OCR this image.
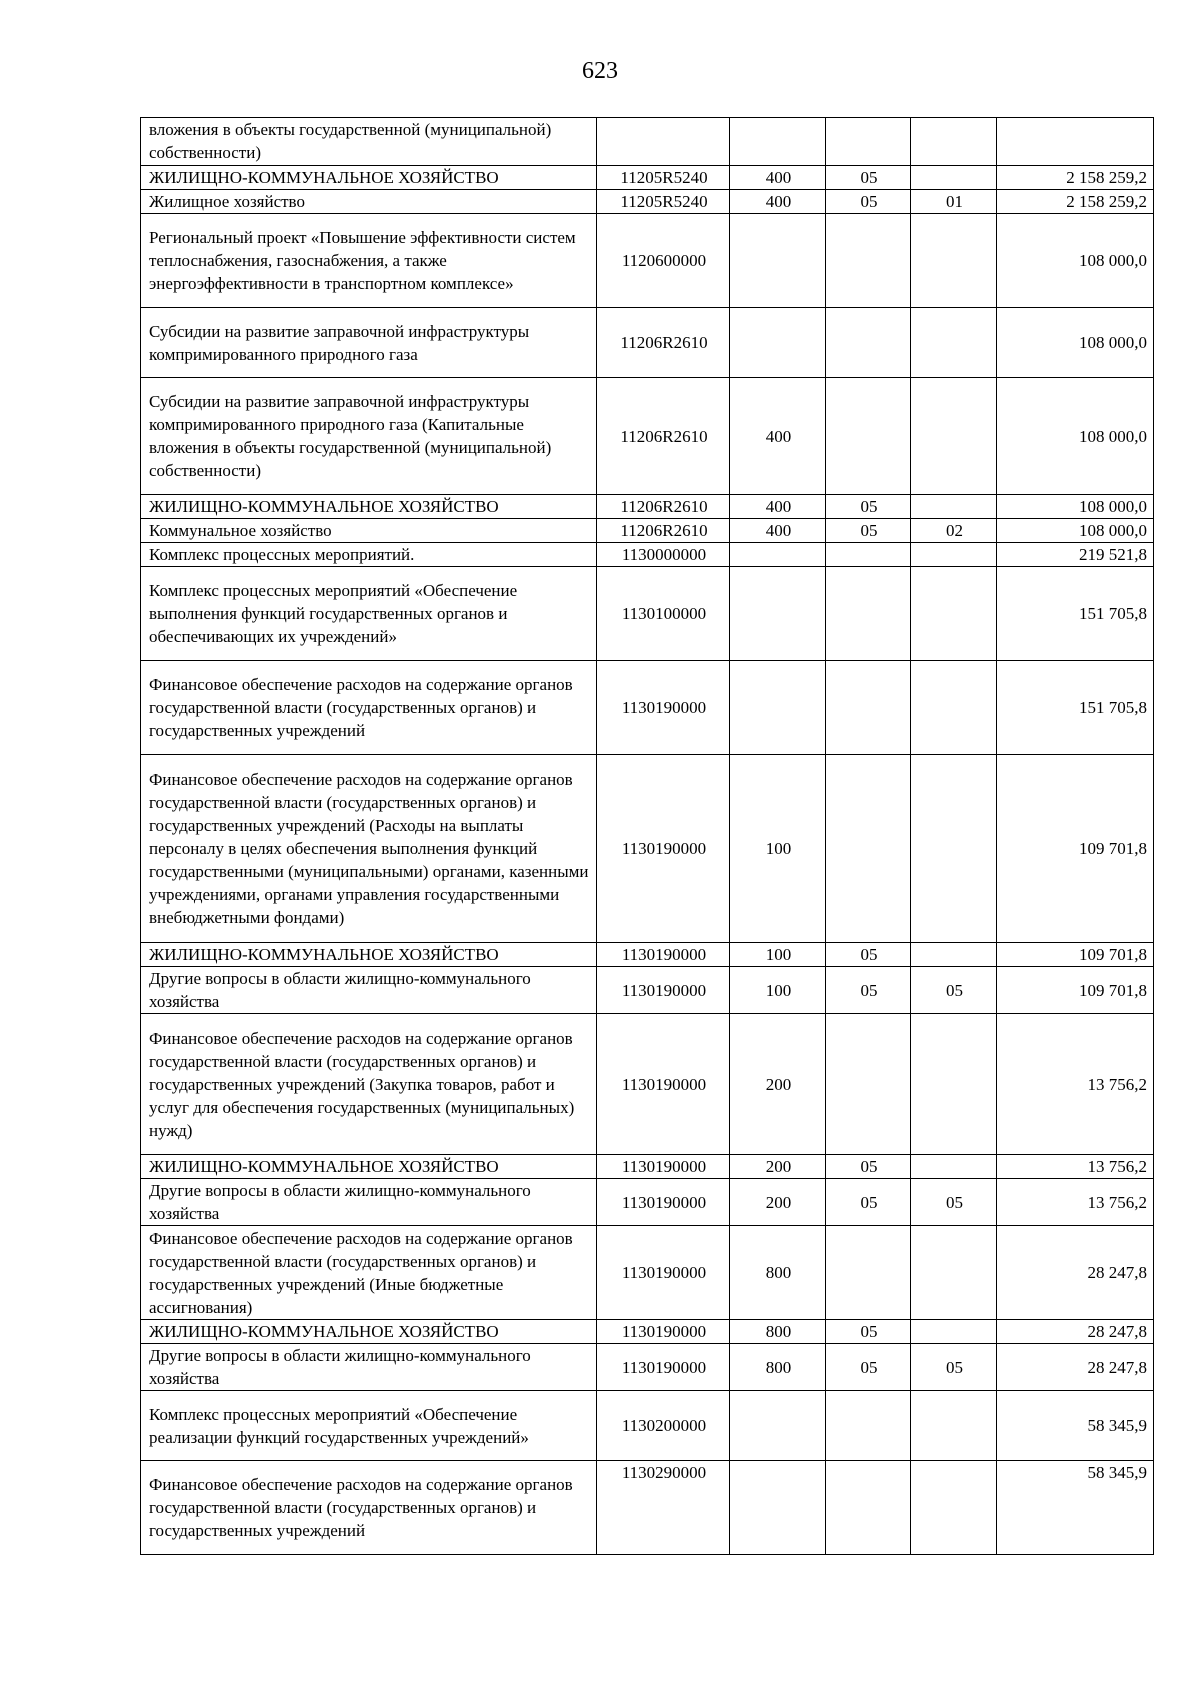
623
вложения в объекты государственной (муниципальной) собственности)					
ЖИЛИЩНО-КОММУНАЛЬНОЕ ХОЗЯЙСТВО	11205R5240	400	05		2 158 259,2
Жилищное хозяйство	11205R5240	400	05	01	2 158 259,2
Региональный проект «Повышение эффективности систем теплоснабжения, газоснабжения, а также энергоэффективности в транспортном комплексе»	1120600000				108 000,0
Субсидии на развитие заправочной инфраструктуры компримированного природного газа	11206R2610				108 000,0
Субсидии на развитие заправочной инфраструктуры компримированного природного газа (Капитальные вложения в объекты государственной (муниципальной) собственности)	11206R2610	400			108 000,0
ЖИЛИЩНО-КОММУНАЛЬНОЕ ХОЗЯЙСТВО	11206R2610	400	05		108 000,0
Коммунальное хозяйство	11206R2610	400	05	02	108 000,0
Комплекс процессных мероприятий.	1130000000				219 521,8
Комплекс процессных мероприятий «Обеспечение выполнения функций государственных органов и обеспечивающих их учреждений»	1130100000				151 705,8
Финансовое обеспечение расходов на содержание органов государственной власти (государственных органов) и государственных учреждений	1130190000				151 705,8
Финансовое обеспечение расходов на содержание органов государственной власти (государственных органов) и государственных учреждений (Расходы на выплаты персоналу в целях обеспечения выполнения функций государственными (муниципальными) органами, казенными учреждениями, органами управления государственными внебюджетными фондами)	1130190000	100			109 701,8
ЖИЛИЩНО-КОММУНАЛЬНОЕ ХОЗЯЙСТВО	1130190000	100	05		109 701,8
Другие вопросы в области жилищно-коммунального хозяйства	1130190000	100	05	05	109 701,8
Финансовое обеспечение расходов на содержание органов государственной власти (государственных органов) и государственных учреждений (Закупка товаров, работ и услуг для обеспечения государственных (муниципальных) нужд)	1130190000	200			13 756,2
ЖИЛИЩНО-КОММУНАЛЬНОЕ ХОЗЯЙСТВО	1130190000	200	05		13 756,2
Другие вопросы в области жилищно-коммунального хозяйства	1130190000	200	05	05	13 756,2
Финансовое обеспечение расходов на содержание органов государственной власти (государственных органов) и государственных учреждений (Иные бюджетные ассигнования)	1130190000	800			28 247,8
ЖИЛИЩНО-КОММУНАЛЬНОЕ ХОЗЯЙСТВО	1130190000	800	05		28 247,8
Другие вопросы в области жилищно-коммунального хозяйства	1130190000	800	05	05	28 247,8
Комплекс процессных мероприятий «Обеспечение реализации функций государственных учреждений»	1130200000				58 345,9
Финансовое обеспечение расходов на содержание органов государственной власти (государственных органов) и государственных учреждений	1130290000				58 345,9
